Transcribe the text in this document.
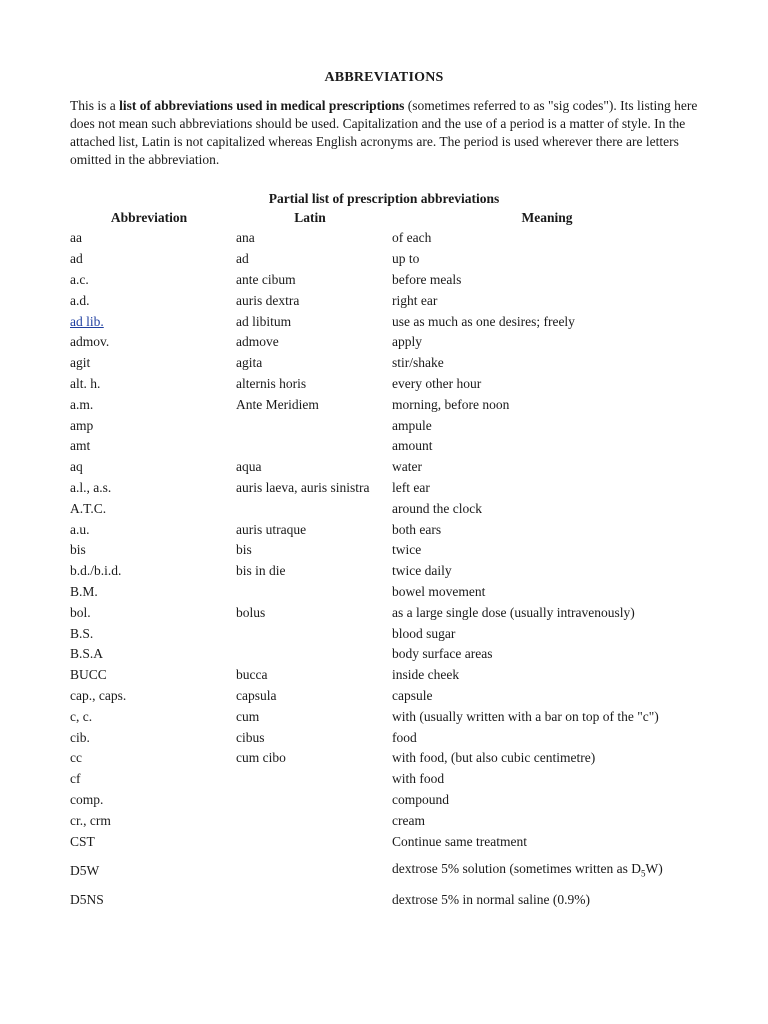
ABBREVIATIONS
This is a list of abbreviations used in medical prescriptions (sometimes referred to as "sig codes"). Its listing here does not mean such abbreviations should be used. Capitalization and the use of a period is a matter of style. In the attached list, Latin is not capitalized whereas English acronyms are. The period is used wherever there are letters omitted in the abbreviation.
Partial list of prescription abbreviations
Abbreviation	Latin	Meaning
aa	ana	of each
ad	ad	up to
a.c.	ante cibum	before meals
a.d.	auris dextra	right ear
ad lib.	ad libitum	use as much as one desires; freely
admov.	admove	apply
agit	agita	stir/shake
alt. h.	alternis horis	every other hour
a.m.	Ante Meridiem	morning, before noon
amp		ampule
amt		amount
aq	aqua	water
a.l., a.s.	auris laeva, auris sinistra	left ear
A.T.C.		around the clock
a.u.	auris utraque	both ears
bis	bis	twice
b.d./b.i.d.	bis in die	twice daily
B.M.		bowel movement
bol.	bolus	as a large single dose (usually intravenously)
B.S.		blood sugar
B.S.A		body surface areas
BUCC	bucca	inside cheek
cap., caps.	capsula	capsule
c, c.	cum	with (usually written with a bar on top of the "c")
cib.	cibus	food
cc	cum cibo	with food, (but also cubic centimetre)
cf		with food
comp.		compound
cr., crm		cream
CST		Continue same treatment
D5W		dextrose 5% solution (sometimes written as $D_5W$)
D5NS		dextrose 5% in normal saline (0.9%)
